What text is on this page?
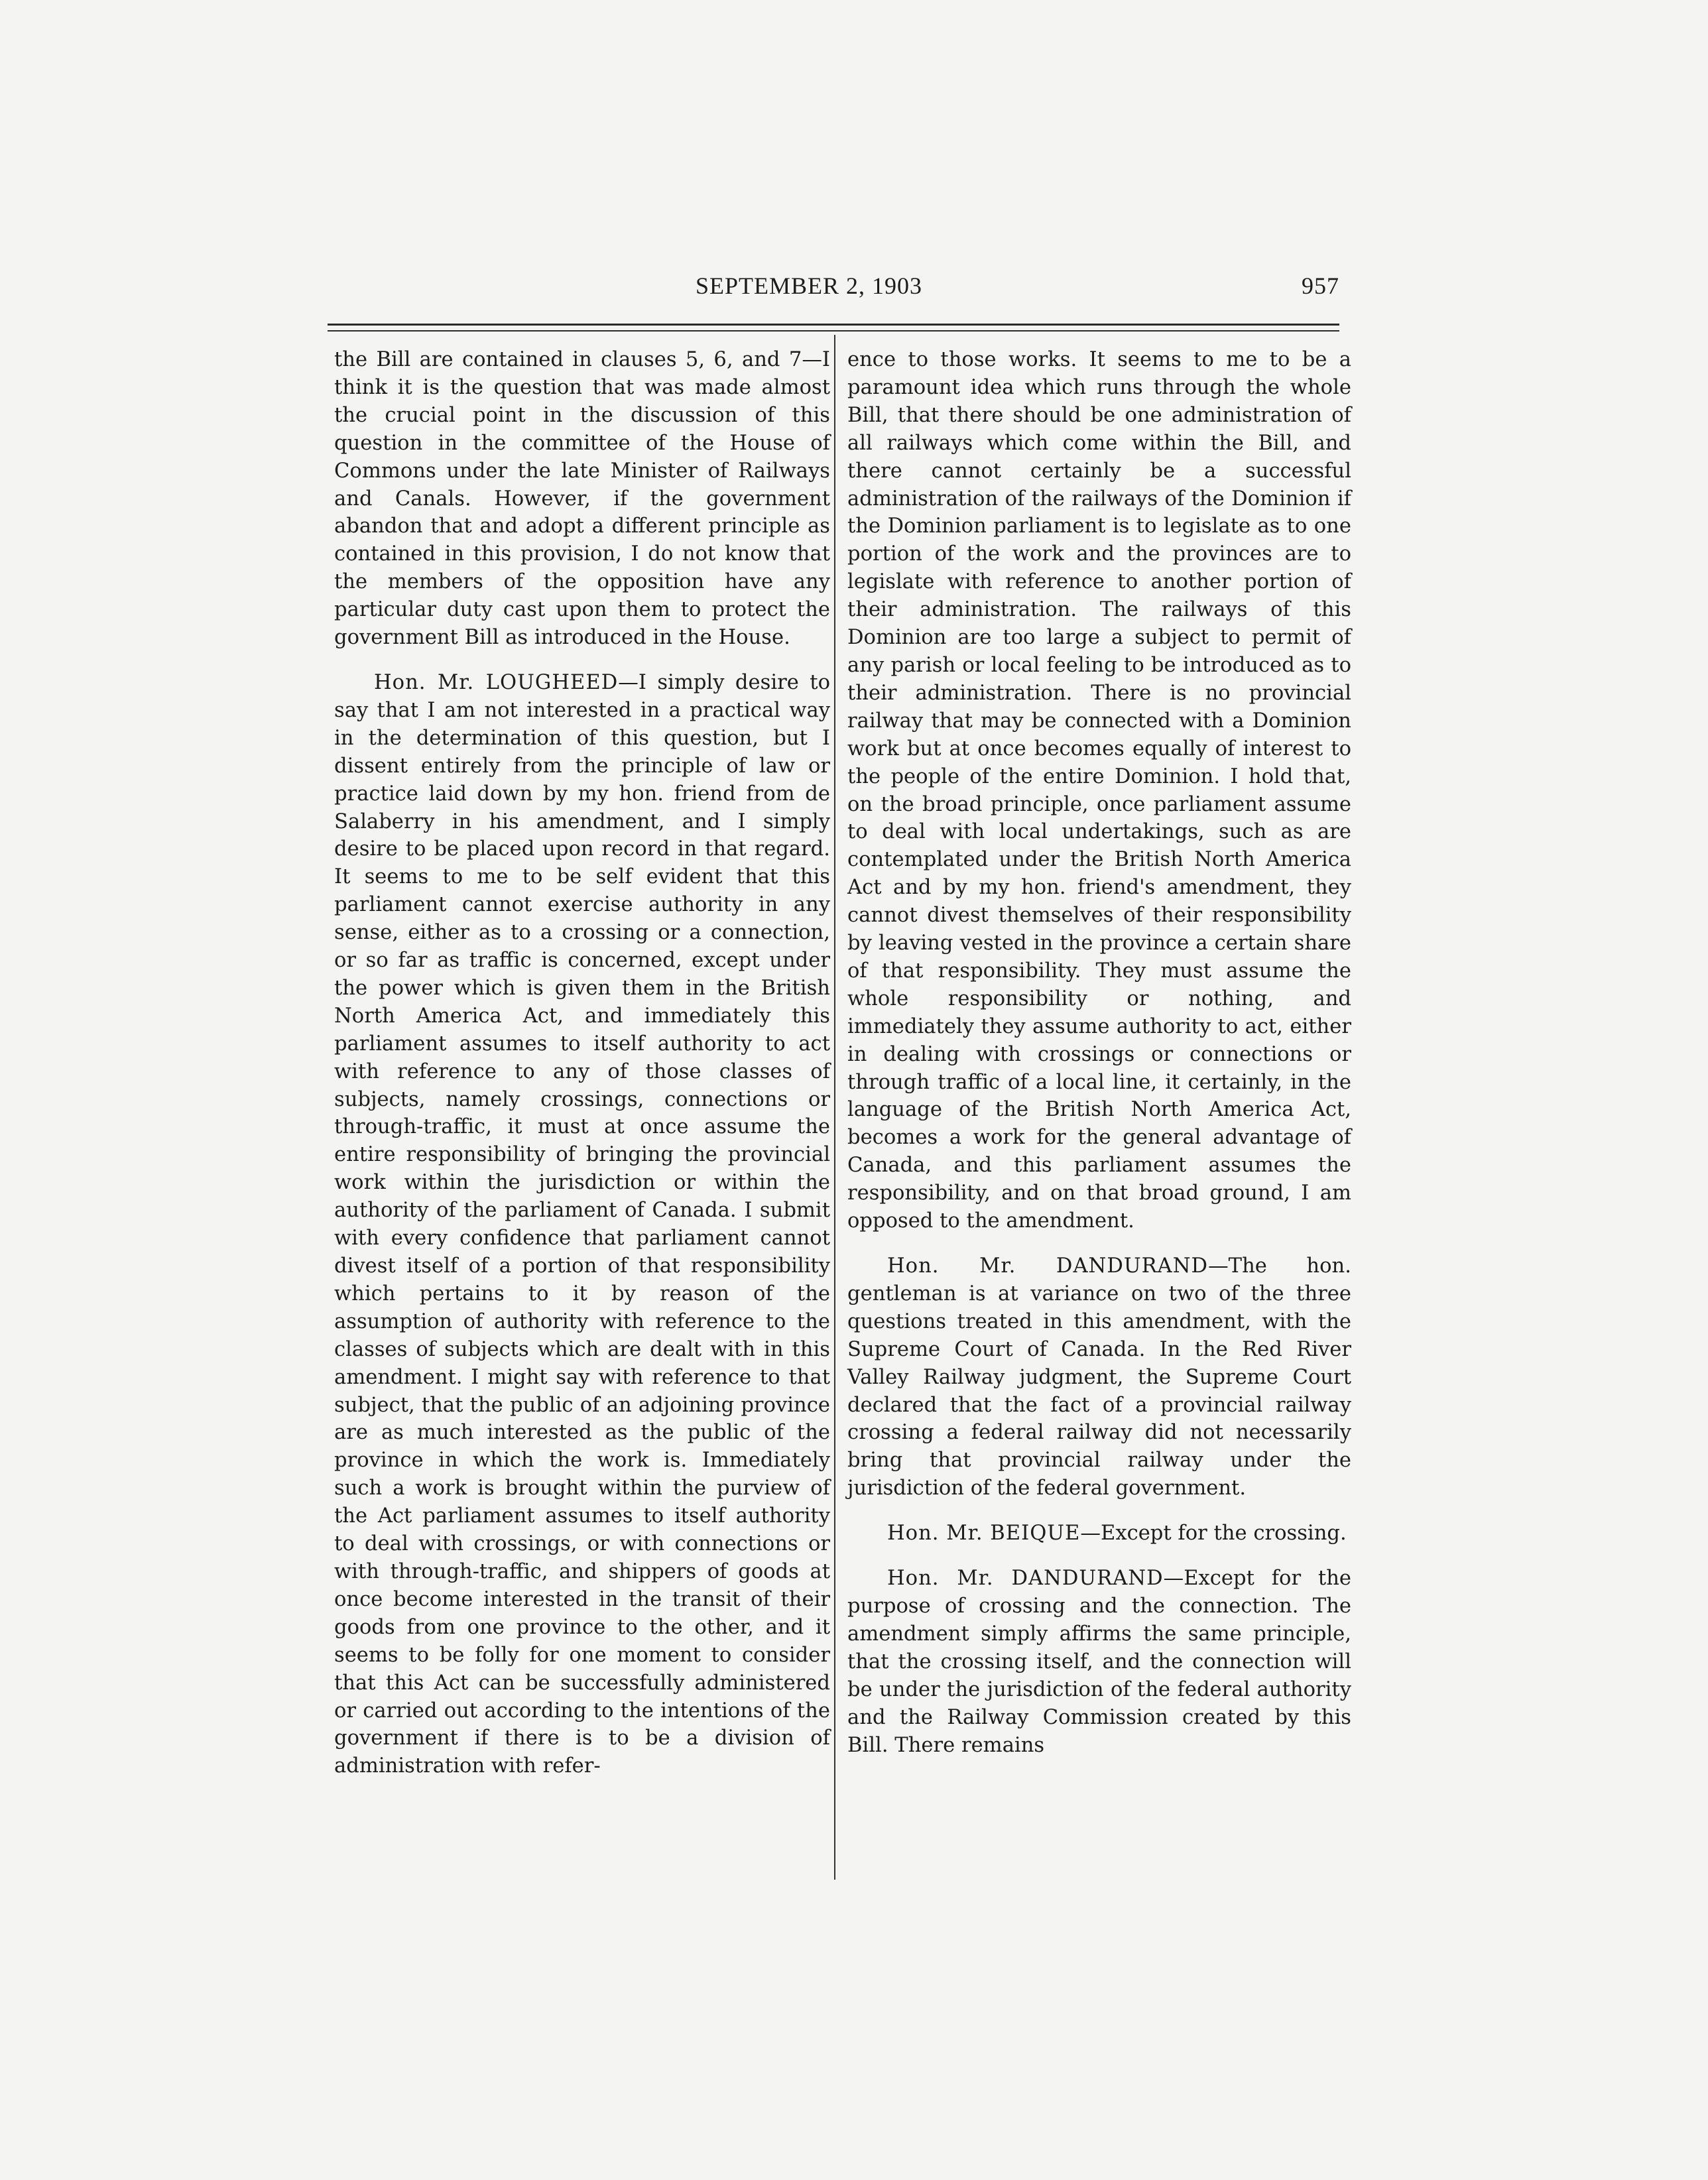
SEPTEMBER 2, 1903	957

the Bill are contained in clauses 5, 6, and 7—I think it is the question that was made almost the crucial point in the discussion of this question in the committee of the House of Commons under the late Minister of Railways and Canals. However, if the government abandon that and adopt a different principle as contained in this provision, I do not know that the members of the opposition have any particular duty cast upon them to protect the government Bill as introduced in the House.

Hon. Mr. LOUGHEED—I simply desire to say that I am not interested in a practical way in the determination of this question, but I dissent entirely from the principle of law or practice laid down by my hon. friend from de Salaberry in his amendment, and I simply desire to be placed upon record in that regard. It seems to me to be self evident that this parliament cannot exercise authority in any sense, either as to a crossing or a connection, or so far as traffic is concerned, except under the power which is given them in the British North America Act, and immediately this parliament assumes to itself authority to act with reference to any of those classes of subjects, namely crossings, connections or through-traffic, it must at once assume the entire responsibility of bringing the provincial work within the jurisdiction or within the authority of the parliament of Canada. I submit with every confidence that parliament cannot divest itself of a portion of that responsibility which pertains to it by reason of the assumption of authority with reference to the classes of subjects which are dealt with in this amendment. I might say with reference to that subject, that the public of an adjoining province are as much interested as the public of the province in which the work is. Immediately such a work is brought within the purview of the Act parliament assumes to itself authority to deal with crossings, or with connections or with through-traffic, and shippers of goods at once become interested in the transit of their goods from one province to the other, and it seems to be folly for one moment to consider that this Act can be successfully administered or carried out according to the intentions of the government if there is to be a division of administration with refer-

ence to those works. It seems to me to be a paramount idea which runs through the whole Bill, that there should be one administration of all railways which come within the Bill, and there cannot certainly be a successful administration of the railways of the Dominion if the Dominion parliament is to legislate as to one portion of the work and the provinces are to legislate with reference to another portion of their administration. The railways of this Dominion are too large a subject to permit of any parish or local feeling to be introduced as to their administration. There is no provincial railway that may be connected with a Dominion work but at once becomes equally of interest to the people of the entire Dominion. I hold that, on the broad principle, once parliament assume to deal with local undertakings, such as are contemplated under the British North America Act and by my hon. friend's amendment, they cannot divest themselves of their responsibility by leaving vested in the province a certain share of that responsibility. They must assume the whole responsibility or nothing, and immediately they assume authority to act, either in dealing with crossings or connections or through traffic of a local line, it certainly, in the language of the British North America Act, becomes a work for the general advantage of Canada, and this parliament assumes the responsibility, and on that broad ground, I am opposed to the amendment.

Hon. Mr. DANDURAND—The hon. gentleman is at variance on two of the three questions treated in this amendment, with the Supreme Court of Canada. In the Red River Valley Railway judgment, the Supreme Court declared that the fact of a provincial railway crossing a federal railway did not necessarily bring that provincial railway under the jurisdiction of the federal government.

Hon. Mr. BEIQUE—Except for the crossing.

Hon. Mr. DANDURAND—Except for the purpose of crossing and the connection. The amendment simply affirms the same principle, that the crossing itself, and the connection will be under the jurisdiction of the federal authority and the Railway Commission created by this Bill. There remains
